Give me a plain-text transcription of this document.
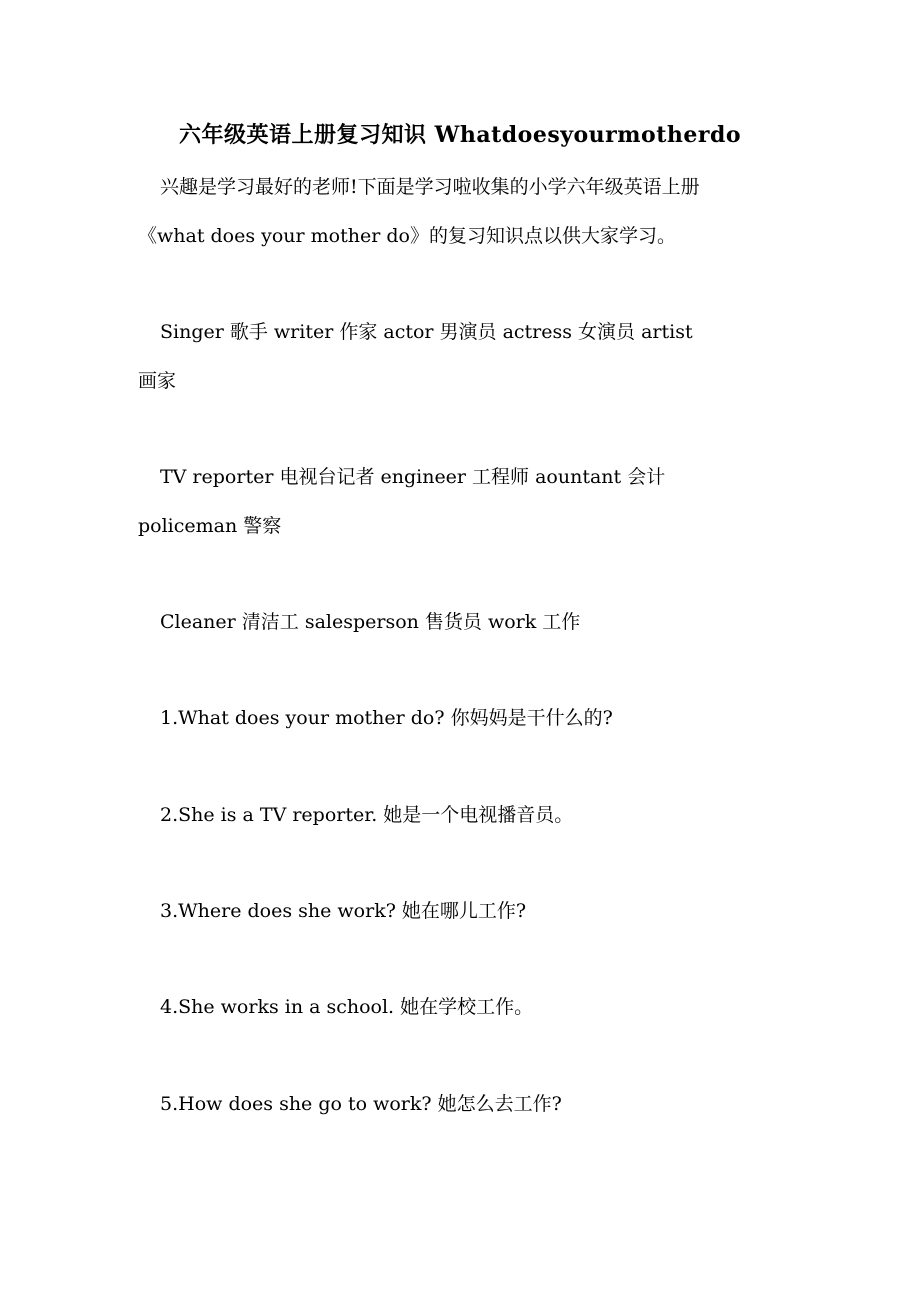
六年级英语上册复习知识 Whatdoesyourmotherdo
兴趣是学习最好的老师!下面是学习啦收集的小学六年级英语上册
《what does your mother do》的复习知识点以供大家学习。
Singer 歌手 writer 作家 actor 男演员 actress 女演员 artist
画家
TV reporter 电视台记者 engineer 工程师 aountant 会计
policeman 警察
Cleaner 清洁工 salesperson 售货员 work 工作
1.What does your mother do? 你妈妈是干什么的?
2.She is a TV reporter. 她是一个电视播音员。
3.Where does she work? 她在哪儿工作?
4.She works in a school. 她在学校工作。
5.How does she go to work? 她怎么去工作?
